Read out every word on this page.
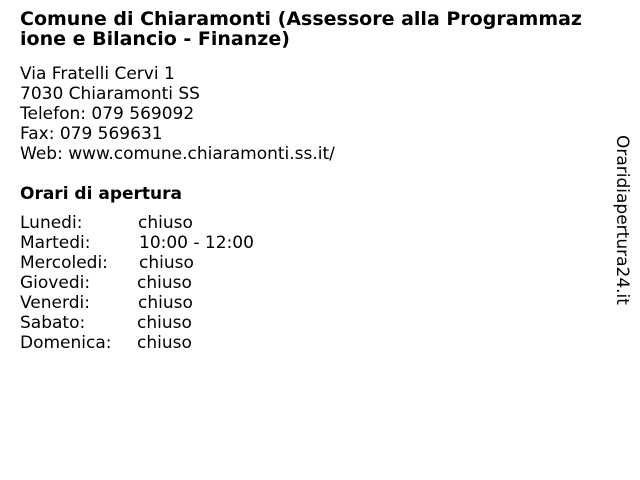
Comune di Chiaramonti (Assessore alla Programmaz
ione e Bilancio - Finanze)
Via Fratelli Cervi 1
7030 Chiaramonti SS
Telefon: 079 569092
Fax: 079 569631
Web: www.comune.chiaramonti.ss.it/
Orari di apertura
Lunedi:	chiuso
Martedi:	10:00 - 12:00
Mercoledi: chiuso
Giovedi:	chiuso
Venerdi:	chiuso
Sabato:	chiuso
Domenica: chiuso
Oraridiapertura24.it
